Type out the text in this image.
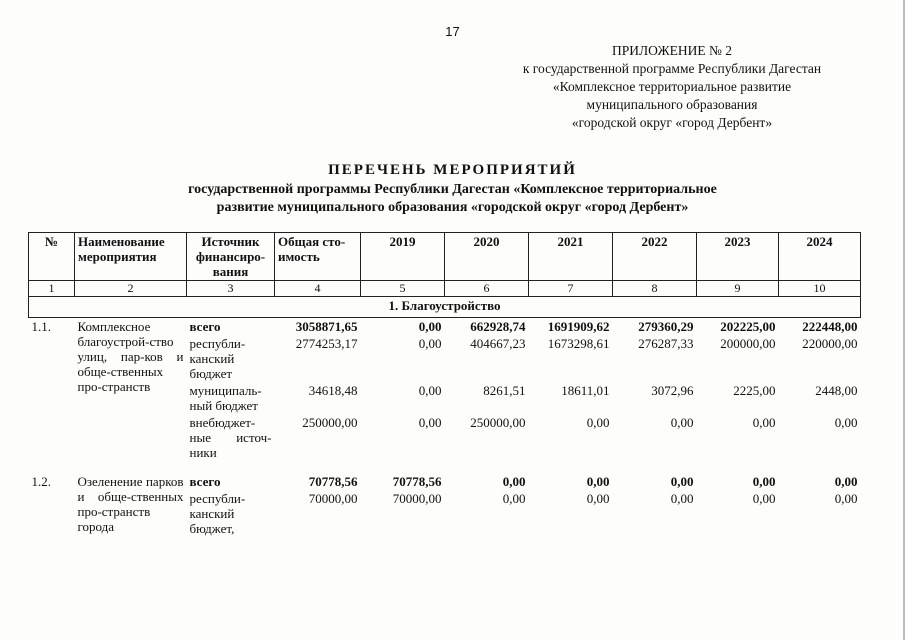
17
ПРИЛОЖЕНИЕ № 2
к государственной программе Республики Дагестан
«Комплексное территориальное развитие
муниципального образования
«городской округ «город Дербент»
ПЕРЕЧЕНЬ МЕРОПРИЯТИЙ
государственной программы Республики Дагестан «Комплексное территориальное
развитие муниципального образования «городской округ «город Дербент»
№	Наименование мероприятия	Источник финансиро-вания	Общая сто-имость	2019	2020	2021	2022	2023	2024
1	2	3	4	5	6	7	8	9	10
1. Благоустройство									
1.1.	Комплексное благоустрой-ство улиц, пар-ков и обще-ственных про-странств	всего	3058871,65	0,00	662928,74	1691909,62	279360,29	202225,00	222448,00
		республи-канский бюджет	2774253,17	0,00	404667,23	1673298,61	276287,33	200000,00	220000,00
		муниципаль-ный бюджет	34618,48	0,00	8261,51	18611,01	3072,96	2225,00	2448,00
		внебюджет-ные источ-ники	250000,00	0,00	250000,00	0,00	0,00	0,00	0,00

1.2.	Озеленение парков и обще-ственных про-странств города	всего	70778,56	70778,56	0,00	0,00	0,00	0,00	0,00
		республи-канский бюджет,	70000,00	70000,00	0,00	0,00	0,00	0,00	0,00
